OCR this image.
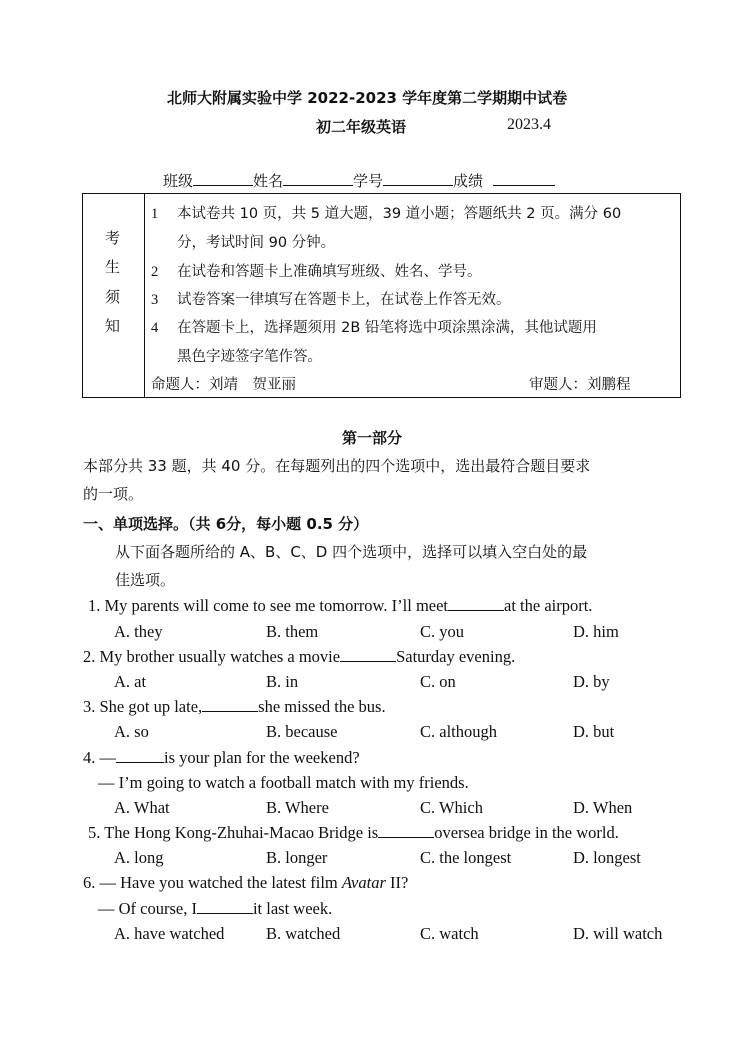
北师大附属实验中学 2022-2023 学年度第二学期期中试卷
初二年级英语	2023.4
班级	姓名	学号	成绩
考
生
须
知
1 本试卷共 10 页，共 5 道大题，39 道小题；答题纸共 2 页。满分 60
分，考试时间 90 分钟。
2 在试卷和答题卡上准确填写班级、姓名、学号。
3 试卷答案一律填写在答题卡上，在试卷上作答无效。
4 在答题卡上，选择题须用 2B 铅笔将选中项涂黑涂满，其他试题用
黑色字迹签字笔作答。
命题人：刘靖　贺亚丽	审题人：刘鹏程
第一部分
本部分共 33 题，共 40 分。在每题列出的四个选项中，选出最符合题目要求
的一项。
一、单项选择。（共 6分，每小题 0.5 分）
从下面各题所给的 A、B、C、D 四个选项中，选择可以填入空白处的最
佳选项。
1. My parents will come to see me tomorrow. I’ll meet	at the airport.
A. they	B. them	C. you	D. him
2. My brother usually watches a movie	Saturday evening.
A. at	B. in	C. on	D. by
3. She got up late,	she missed the bus.
A. so	B. because	C. although	D. but
4. —	is your plan for the weekend?
— I’m going to watch a football match with my friends.
A. What	B. Where	C. Which	D. When
5. The Hong Kong-Zhuhai-Macao Bridge is	oversea bridge in the world.
A. long	B. longer	C. the longest	D. longest
6. — Have you watched the latest film Avatar II?
— Of course, I	it last week.
A. have watched	B. watched	C. watch	D. will watch
